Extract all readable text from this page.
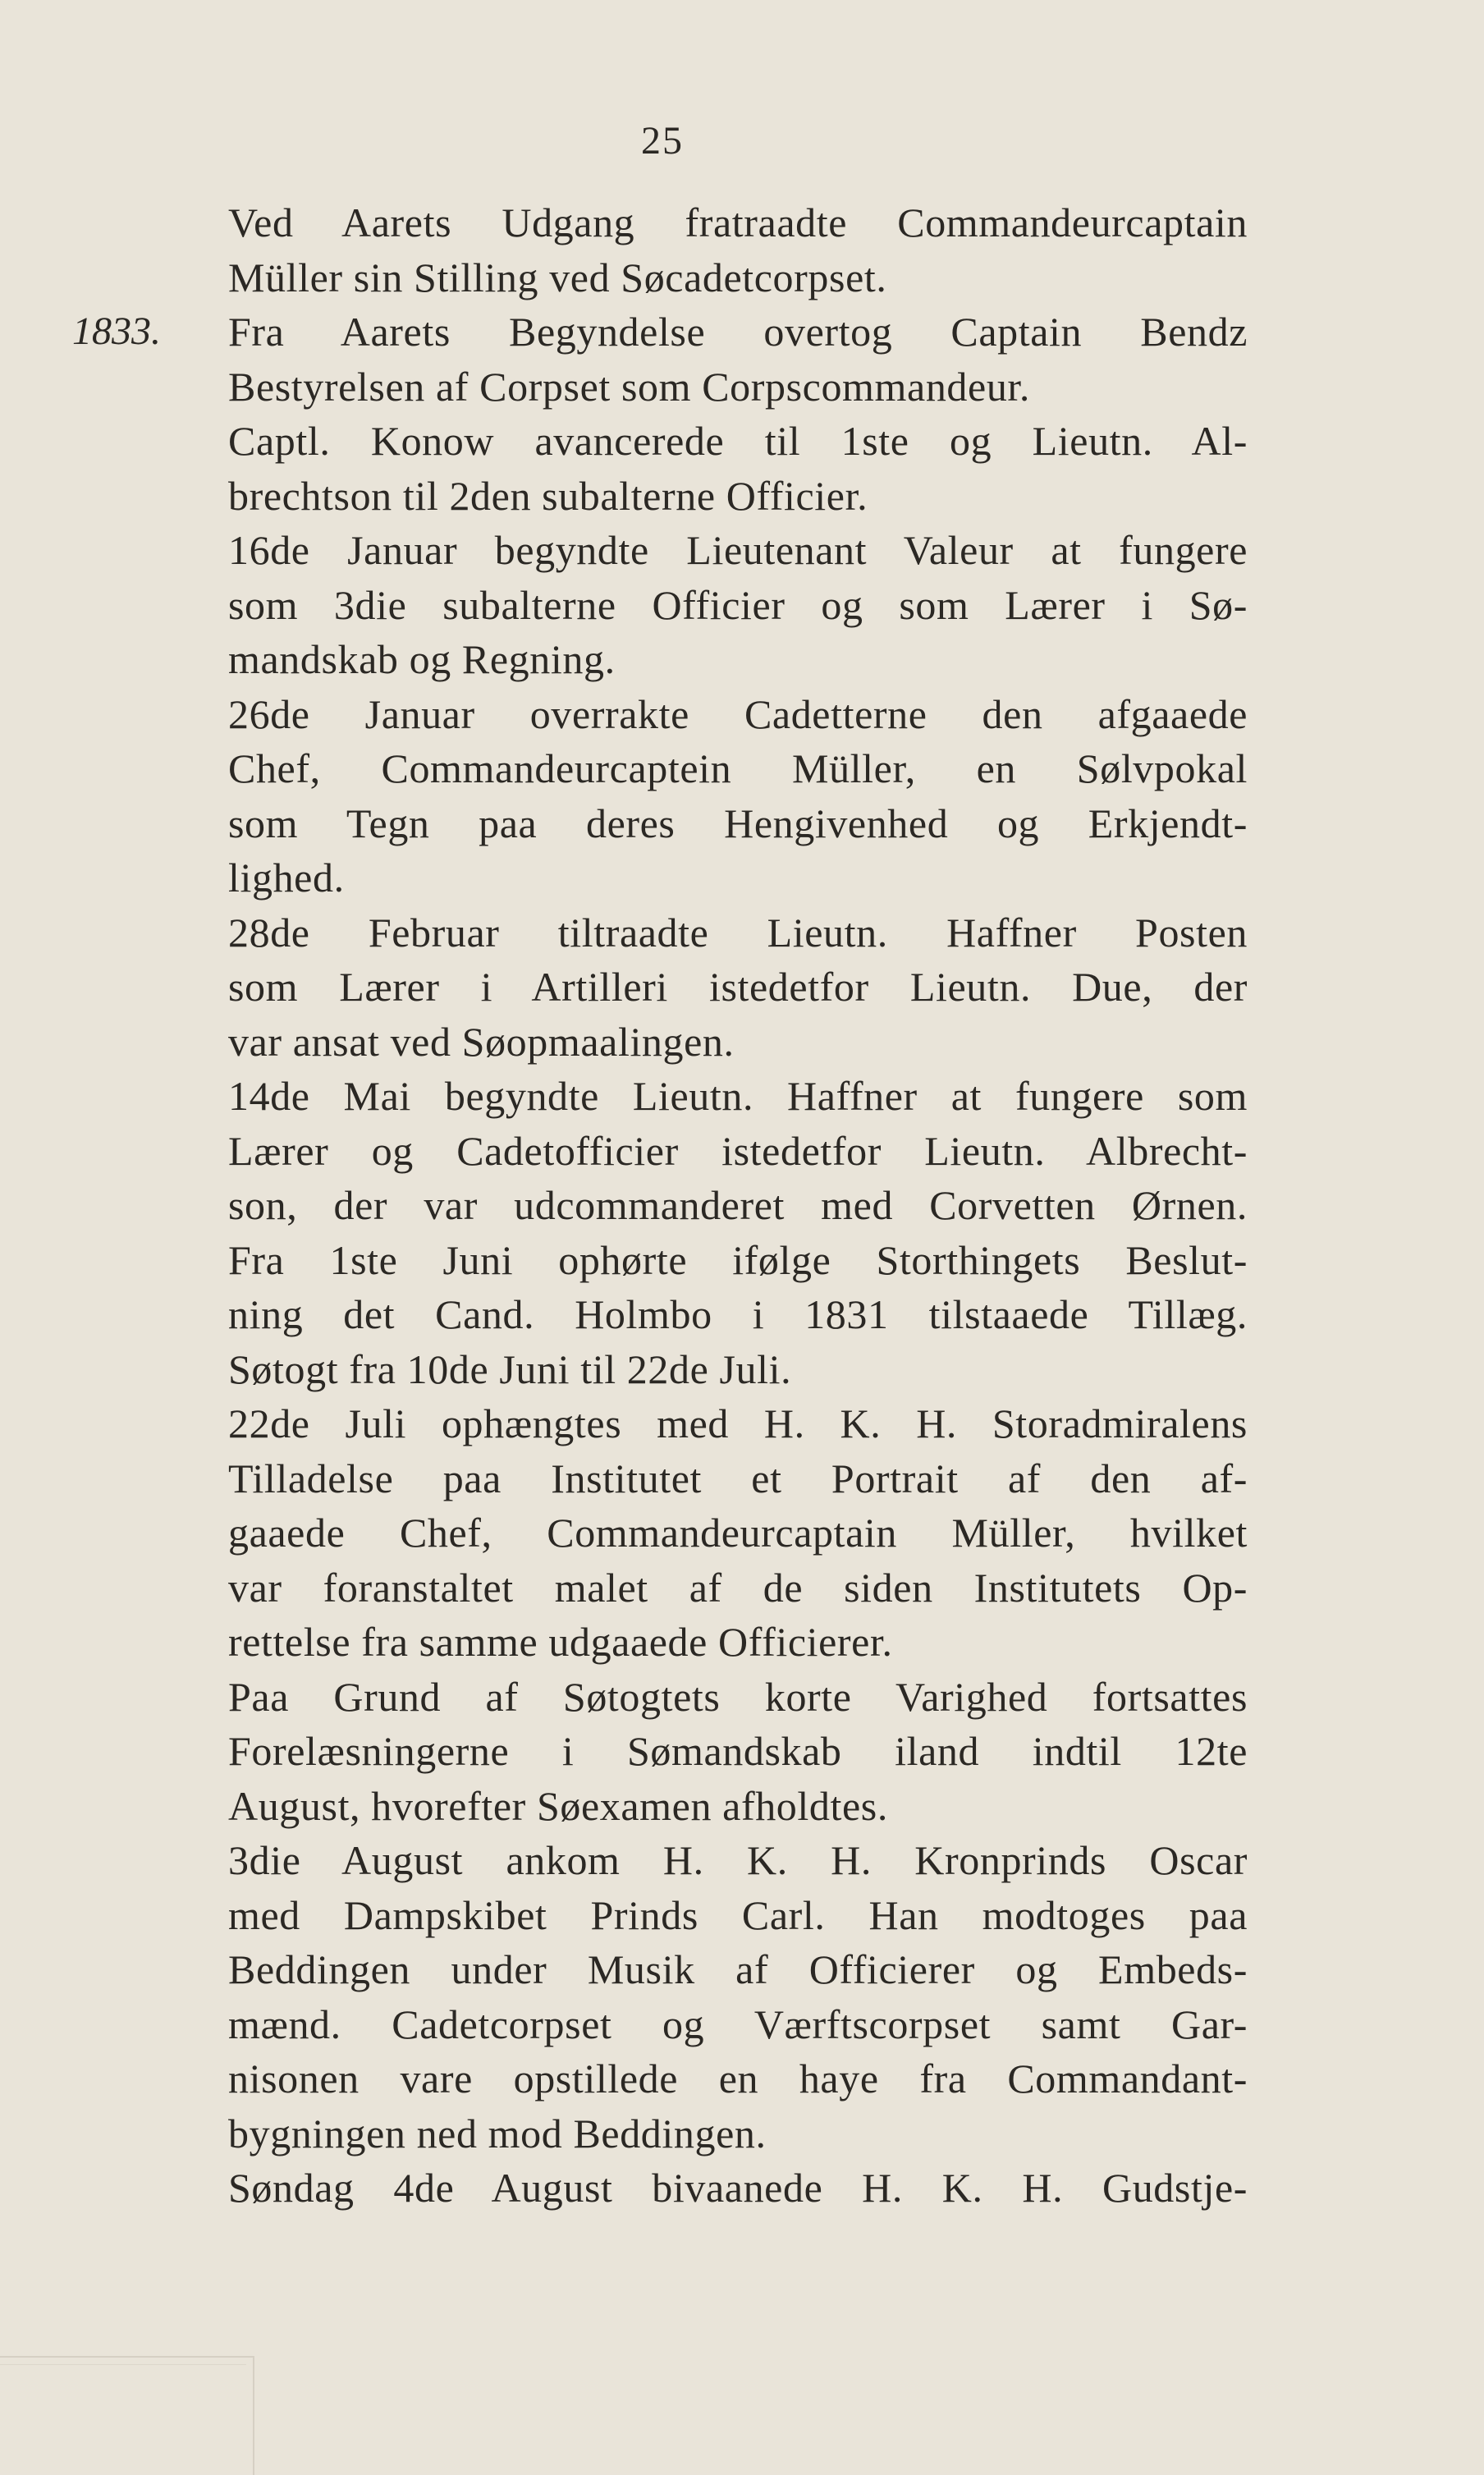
25
1833.
Ved Aarets Udgang fratraadte Commandeurcaptain
Müller sin Stilling ved Søcadetcorpset.
Fra Aarets Begyndelse overtog Captain Bendz
Bestyrelsen af Corpset som Corpscommandeur.
Captl. Konow avancerede til 1ste og Lieutn. Al-
brechtson til 2den subalterne Officier.
16de Januar begyndte Lieutenant Valeur at fungere
som 3die subalterne Officier og som Lærer i Sø-
mandskab og Regning.
26de Januar overrakte Cadetterne den afgaaede
Chef, Commandeurcaptein Müller, en Sølvpokal
som Tegn paa deres Hengivenhed og Erkjendt-
lighed.
28de Februar tiltraadte Lieutn. Haffner Posten
som Lærer i Artilleri istedetfor Lieutn. Due, der
var ansat ved Søopmaalingen.
14de Mai begyndte Lieutn. Haffner at fungere som
Lærer og Cadetofficier istedetfor Lieutn. Albrecht-
son, der var udcommanderet med Corvetten Ørnen.
Fra 1ste Juni ophørte ifølge Storthingets Beslut-
ning det Cand. Holmbo i 1831 tilstaaede Tillæg.
Søtogt fra 10de Juni til 22de Juli.
22de Juli ophængtes med H. K. H. Storadmiralens
Tilladelse paa Institutet et Portrait af den af-
gaaede Chef, Commandeurcaptain Müller, hvilket
var foranstaltet malet af de siden Institutets Op-
rettelse fra samme udgaaede Officierer.
Paa Grund af Søtogtets korte Varighed fortsattes
Forelæsningerne i Sømandskab iland indtil 12te
August, hvorefter Søexamen afholdtes.
3die August ankom H. K. H. Kronprinds Oscar
med Dampskibet Prinds Carl. Han modtoges paa
Beddingen under Musik af Officierer og Embeds-
mænd. Cadetcorpset og Værftscorpset samt Gar-
nisonen vare opstillede en haye fra Commandant-
bygningen ned mod Beddingen.
Søndag 4de August bivaanede H. K. H. Gudstje-
